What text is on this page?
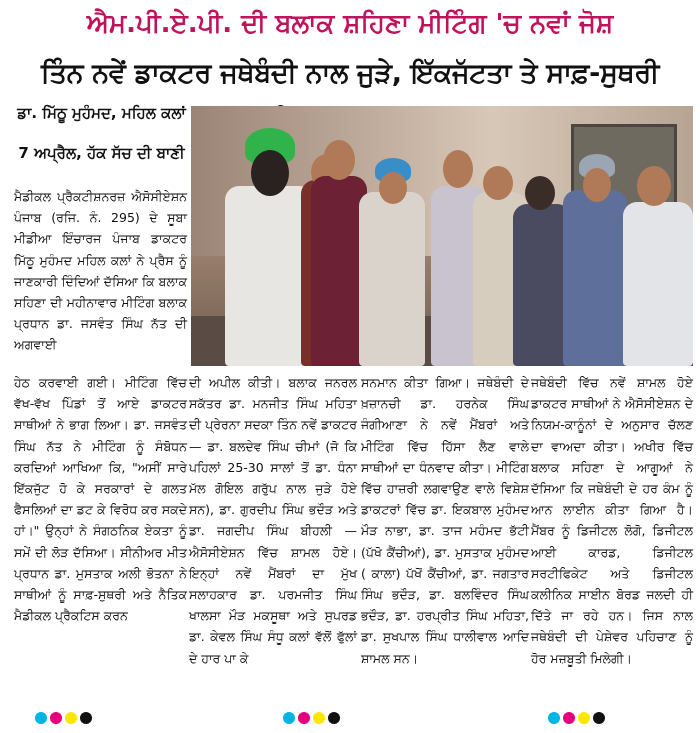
ਐਮ.ਪੀ.ਏ.ਪੀ. ਦੀ ਬਲਾਕ ਸ਼ਹਿਣਾ ਮੀਟਿੰਗ 'ਚ ਨਵਾਂ ਜੋਸ਼
ਤਿੰਨ ਨਵੇਂ ਡਾਕਟਰ ਜਥੇਬੰਦੀ ਨਾਲ ਜੁੜੇ, ਇੱਕਜੱਟਤਾ ਤੇ ਸਾਫ਼-ਸੁਥਰੀ
ਡਾ. ਮਿੱਠੂ ਮੁਹੰਮਦ, ਮਹਿਲ ਕਲਾਂ
7 ਅਪ੍ਰੈਲ, ਹੱਕ ਸੱਚ ਦੀ ਬਾਣੀ

ਮੈਡੀਕਲ ਪ੍ਰੈਕਟੀਸ਼ਨਰਜ਼ ਐਸੋਸੀਏਸ਼ਨ ਪੰਜਾਬ (ਰਜਿ. ਨੰ. 295) ਦੇ ਸੂਬਾ ਮੀਡੀਆ ਇੰਚਾਰਜ ਪੰਜਾਬ ਡਾਕਟਰ ਮਿੱਠੂ ਮੁਹੰਮਦ ਮਹਿਲ ਕਲਾਂ ਨੇ ਪ੍ਰੈਸ ਨੂੰ ਜਾਣਕਾਰੀ ਦਿੰਦਿਆਂ ਦੱਸਿਆ ਕਿ ਬਲਾਕ ਸਹਿਣਾ ਦੀ ਮਹੀਨਾਵਾਰ ਮੀਟਿੰਗ ਬਲਾਕ ਪ੍ਰਧਾਨ ਡਾ. ਜਸਵੰਤ ਸਿੰਘ ਨੱਤ ਦੀ ਅਗਵਾਈ

ਹੇਠ ਕਰਵਾਈ ਗਈ। ਮੀਟਿੰਗ ਵਿੱਚ ਵੱਖ-ਵੱਖ ਪਿੰਡਾਂ ਤੋਂ ਆਏ ਡਾਕਟਰ ਸਾਥੀਆਂ ਨੇ ਭਾਗ ਲਿਆ। ਡਾ. ਜਸਵੰਤ ਸਿੰਘ ਨੱਤ ਨੇ ਮੀਟਿੰਗ ਨੂੰ ਸੰਬੋਧਨ ਕਰਦਿਆਂ ਆਖਿਆ ਕਿ, "ਅਸੀਂ ਸਾਰੇ ਇੱਕਜੁੱਟ ਹੋ ਕੇ ਸਰਕਾਰਾਂ ਦੇ ਗਲਤ ਫੈਸਲਿਆਂ ਦਾ ਡਟ ਕੇ ਵਿਰੋਧ ਕਰ ਸਕਦੇ ਹਾਂ।" ਉਨ੍ਹਾਂ ਨੇ ਸੰਗਠਨਿਕ ਏਕਤਾ ਨੂੰ ਸਮੇਂ ਦੀ ਲੋੜ ਦੱਸਿਆ। ਸੀਨੀਅਰ ਮੀਤ ਪ੍ਰਧਾਨ ਡਾ. ਮੁਸਤਾਕ ਅਲੀ ਭੋਤਨਾ ਨੇ ਸਾਥੀਆਂ ਨੂੰ ਸਾਫ਼-ਸੁਥਰੀ ਅਤੇ ਨੈਤਿਕ ਮੈਡੀਕਲ ਪ੍ਰੈਕਟਿਸ ਕਰਨ

ਦੀ ਅਪੀਲ ਕੀਤੀ। ਬਲਾਕ ਜਨਰਲ ਸਕੱਤਰ ਡਾ. ਮਨਜੀਤ ਸਿੰਘ ਮਹਿਤਾ ਦੀ ਪ੍ਰੇਰਨਾ ਸਦਕਾ ਤਿੰਨ ਨਵੇਂ ਡਾਕਟਰ — ਡਾ. ਬਲਦੇਵ ਸਿੰਘ ਚੀਮਾਂ (ਜੋ ਕਿ ਪਹਿਲਾਂ 25-30 ਸਾਲਾਂ ਤੋਂ ਡਾ. ਧੰਨਾ ਮੱਲ ਗੋਇਲ ਗਰੁੱਪ ਨਾਲ ਜੁੜੇ ਹੋਏ ਸਨ), ਡਾ. ਗੁਰਦੀਪ ਸਿੰਘ ਭਦੌੜ ਅਤੇ ਡਾ. ਜਗਦੀਪ ਸਿੰਘ ਬੀਹਲੀ — ਐਸੋਸੀਏਸ਼ਨ ਵਿੱਚ ਸ਼ਾਮਲ ਹੋਏ। ਇਨ੍ਹਾਂ ਨਵੇਂ ਮੈਂਬਰਾਂ ਦਾ ਮੁੱਖ ਸਲਾਹਕਾਰ ਡਾ. ਪਰਮਜੀਤ ਸਿੰਘ ਖਾਲਸਾ ਮੌੜ ਮਕਸੂਥਾ ਅਤੇ ਸੁਪਰਡ ਡਾ. ਕੇਵਲ ਸਿੰਘ ਸੰਧੂ ਕਲਾਂ ਵੱਲੋਂ ਫੁੱਲਾਂ ਦੇ ਹਾਰ ਪਾ ਕੇ

ਸਨਮਾਨ ਕੀਤਾ ਗਿਆ। ਜਥੇਬੰਦੀ ਦੇ ਖ਼ਜ਼ਾਨਚੀ ਡਾ. ਹਰਨੇਕ ਸਿੰਘ ਜੰਗੀਆਣਾ ਨੇ ਨਵੇਂ ਮੈਂਬਰਾਂ ਅਤੇ ਮੀਟਿੰਗ ਵਿੱਚ ਹਿੱਸਾ ਲੈਣ ਵਾਲੇ ਸਾਥੀਆਂ ਦਾ ਧੰਨਵਾਦ ਕੀਤਾ। ਮੀਟਿੰਗ ਵਿੱਚ ਹਾਜ਼ਰੀ ਲਗਵਾਉਣ ਵਾਲੇ ਵਿਸ਼ੇਸ਼ ਡਾਕਟਰਾਂ ਵਿੱਚ ਡਾ. ਇਕਬਾਲ ਮੁਹੰਮਦ ਮੌੜ ਨਾਭਾ, ਡਾ. ਤਾਜ ਮਹੰਮਦ ਭੱਟੀ (ਪੱਖੋ ਕੈਂਚੀਆਂ), ਡਾ. ਮੁਸਤਾਕ ਮੁਹੰਮਦ ( ਕਾਲਾ) ਪੱਖੋਂ ਕੈਂਚੀਆਂ, ਡਾ. ਜਗਤਾਰ ਸਿੰਘ ਭਦੌੜ, ਡਾ. ਬਲਵਿੰਦਰ ਸਿੰਘ ਭਦੌੜ, ਡਾ. ਹਰਪ੍ਰੀਤ ਸਿੰਘ ਮਹਿਤਾ, ਡਾ. ਸੁਖਪਾਲ ਸਿੰਘ ਧਾਲੀਵਾਲ ਆਦਿ ਸ਼ਾਮਲ ਸਨ।

ਜਥੇਬੰਦੀ ਵਿੱਚ ਨਵੇਂ ਸ਼ਾਮਲ ਹੋਏ ਡਾਕਟਰ ਸਾਥੀਆਂ ਨੇ ਐਸੋਸੀਏਸ਼ਨ ਦੇ ਨਿਯਮ-ਕਾਨੂੰਨਾਂ ਦੇ ਅਨੁਸਾਰ ਚੱਲਣ ਦਾ ਵਾਅਦਾ ਕੀਤਾ। ਅਖੀਰ ਵਿੱਚ ਬਲਾਕ ਸਹਿਣਾ ਦੇ ਆਗੂਆਂ ਨੇ ਦੱਸਿਆ ਕਿ ਜਥੇਬੰਦੀ ਦੇ ਹਰ ਕੰਮ ਨੂੰ ਆਨ ਲਾਈਨ ਕੀਤਾ ਗਿਆ ਹੈ। ਮੈਂਬਰ ਨੂੰ ਡਿਜੀਟਲ ਲੋਗੋ, ਡਿਜੀਟਲ ਆਈ ਕਾਰਡ, ਡਿਜੀਟਲ ਸਰਟੀਫਿਕੇਟ ਅਤੇ ਡਿਜੀਟਲ ਕਲੀਨਿਕ ਸਾਈਨ ਬੋਰਡ ਜਲਦੀ ਹੀ ਦਿੱਤੇ ਜਾ ਰਹੇ ਹਨ। ਜਿਸ ਨਾਲ ਜਥੇਬੰਦੀ ਦੀ ਪੇਸ਼ੇਵਰ ਪਹਿਚਾਣ ਨੂੰ ਹੋਰ ਮਜ਼ਬੂਤੀ ਮਿਲੇਗੀ।
